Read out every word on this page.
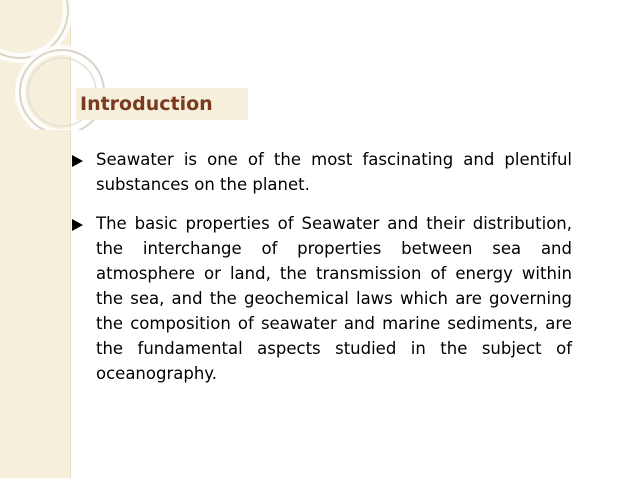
Introduction
Seawater is one of the most fascinating and plentiful substances on the planet.
The basic properties of Seawater and their distribution, the interchange of properties between sea and atmosphere or land, the transmission of energy within the sea, and the geochemical laws which are governing the composition of seawater and marine sediments, are the fundamental aspects studied in the subject of oceanography.
